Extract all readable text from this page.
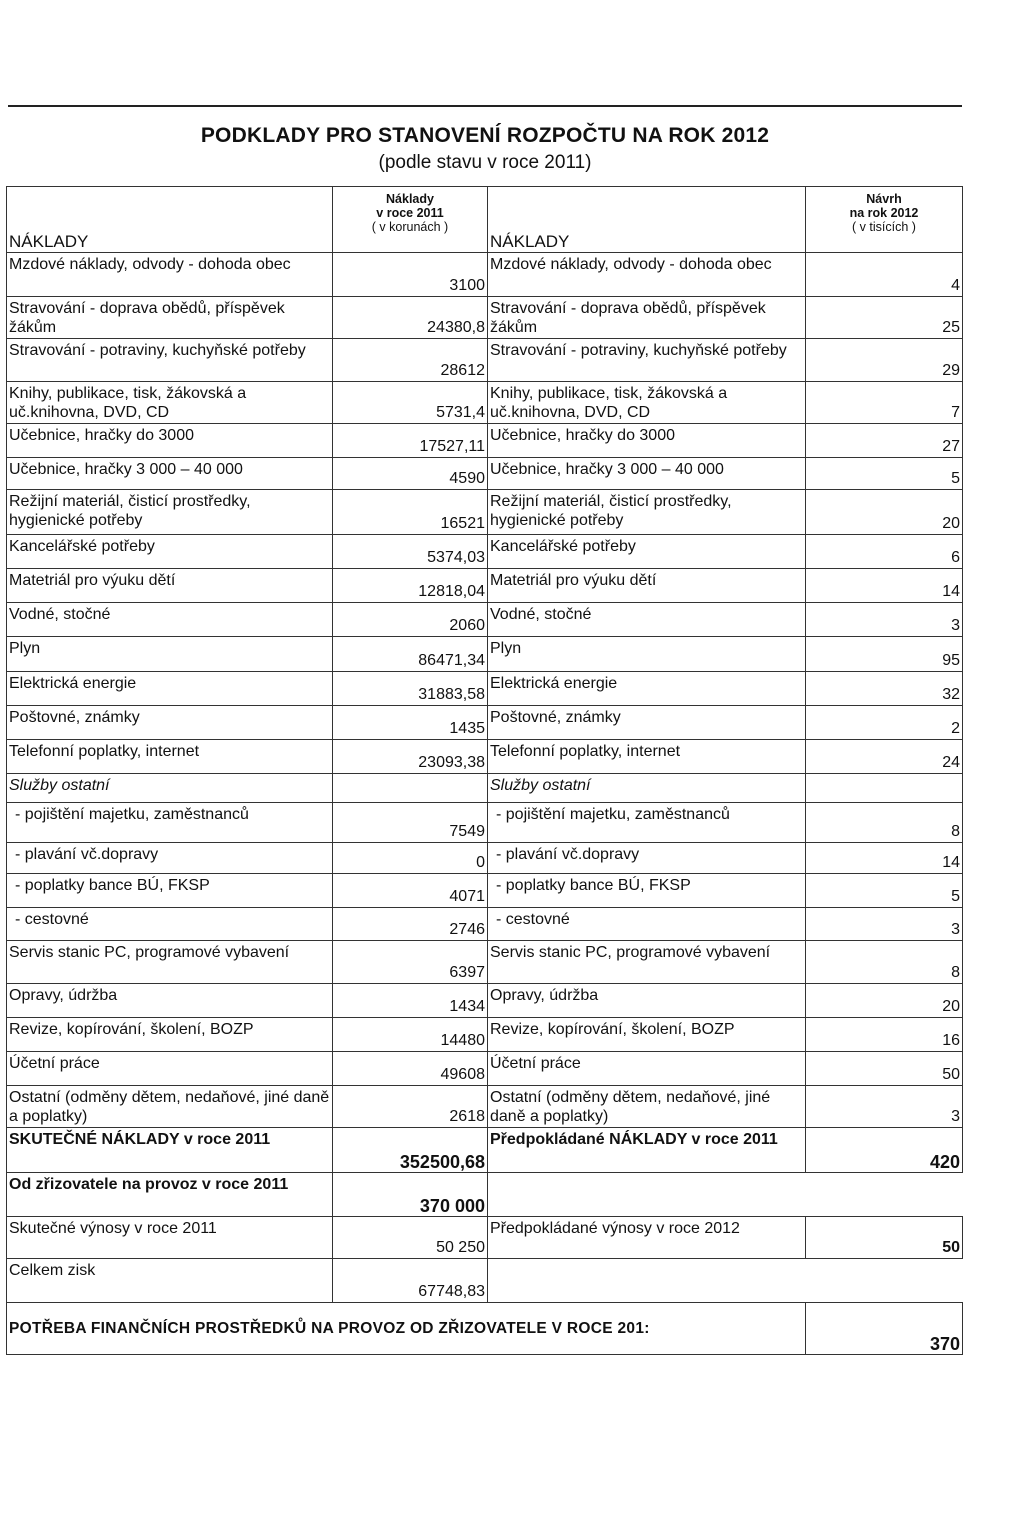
PODKLADY PRO STANOVENÍ ROZPOČTU NA ROK 2012
(podle stavu v roce 2011)
NÁKLADY	Náklady
v roce 2011
( v korunách )	NÁKLADY	Návrh
na rok 2012
( v tisících )
Mzdové náklady, odvody - dohoda obec	3100	Mzdové náklady, odvody - dohoda obec	4
Stravování - doprava obědů, příspěvek žákům	24380,8	Stravování - doprava obědů, příspěvek žákům	25
Stravování - potraviny, kuchyňské potřeby	28612	Stravování - potraviny, kuchyňské potřeby	29
Knihy, publikace, tisk, žákovská a uč.knihovna, DVD, CD	5731,4	Knihy, publikace, tisk, žákovská a uč.knihovna, DVD, CD	7
Učebnice, hračky do 3000	17527,11	Učebnice, hračky do 3000	27
Učebnice, hračky 3 000 – 40 000	4590	Učebnice, hračky 3 000 – 40 000	5
Režijní materiál, čisticí prostředky, hygienické potřeby	16521	Režijní materiál, čisticí prostředky, hygienické potřeby	20
Kancelářské potřeby	5374,03	Kancelářské potřeby	6
Matetriál pro výuku dětí	12818,04	Matetriál pro výuku dětí	14
Vodné, stočné	2060	Vodné, stočné	3
Plyn	86471,34	Plyn	95
Elektrická energie	31883,58	Elektrická energie	32
Poštovné, známky	1435	Poštovné, známky	2
Telefonní poplatky, internet	23093,38	Telefonní poplatky, internet	24
Služby ostatní		Služby ostatní	
- pojištění majetku, zaměstnanců	7549	- pojištění majetku, zaměstnanců	8
- plavání vč.dopravy	0	- plavání vč.dopravy	14
- poplatky bance BÚ, FKSP	4071	- poplatky bance BÚ, FKSP	5
- cestovné	2746	- cestovné	3
Servis stanic PC, programové vybavení	6397	Servis stanic PC, programové vybavení	8
Opravy, údržba	1434	Opravy, údržba	20
Revize, kopírování, školení, BOZP	14480	Revize, kopírování, školení, BOZP	16
Účetní práce	49608	Účetní práce	50
Ostatní (odměny dětem, nedaňové, jiné daně a poplatky)	2618	Ostatní (odměny dětem, nedaňové, jiné daně a poplatky)	3
SKUTEČNÉ NÁKLADY v roce 2011	352500,68	Předpokládané NÁKLADY v roce 2011	420
Od zřizovatele na provoz v roce 2011	370 000		
Skutečné výnosy v roce 2011	50 250	Předpokládané výnosy v roce 2012	50
Celkem zisk	67748,83		
POTŘEBA FINANČNÍCH PROSTŘEDKŮ NA PROVOZ OD ZŘIZOVATELE V ROCE 201:			370
